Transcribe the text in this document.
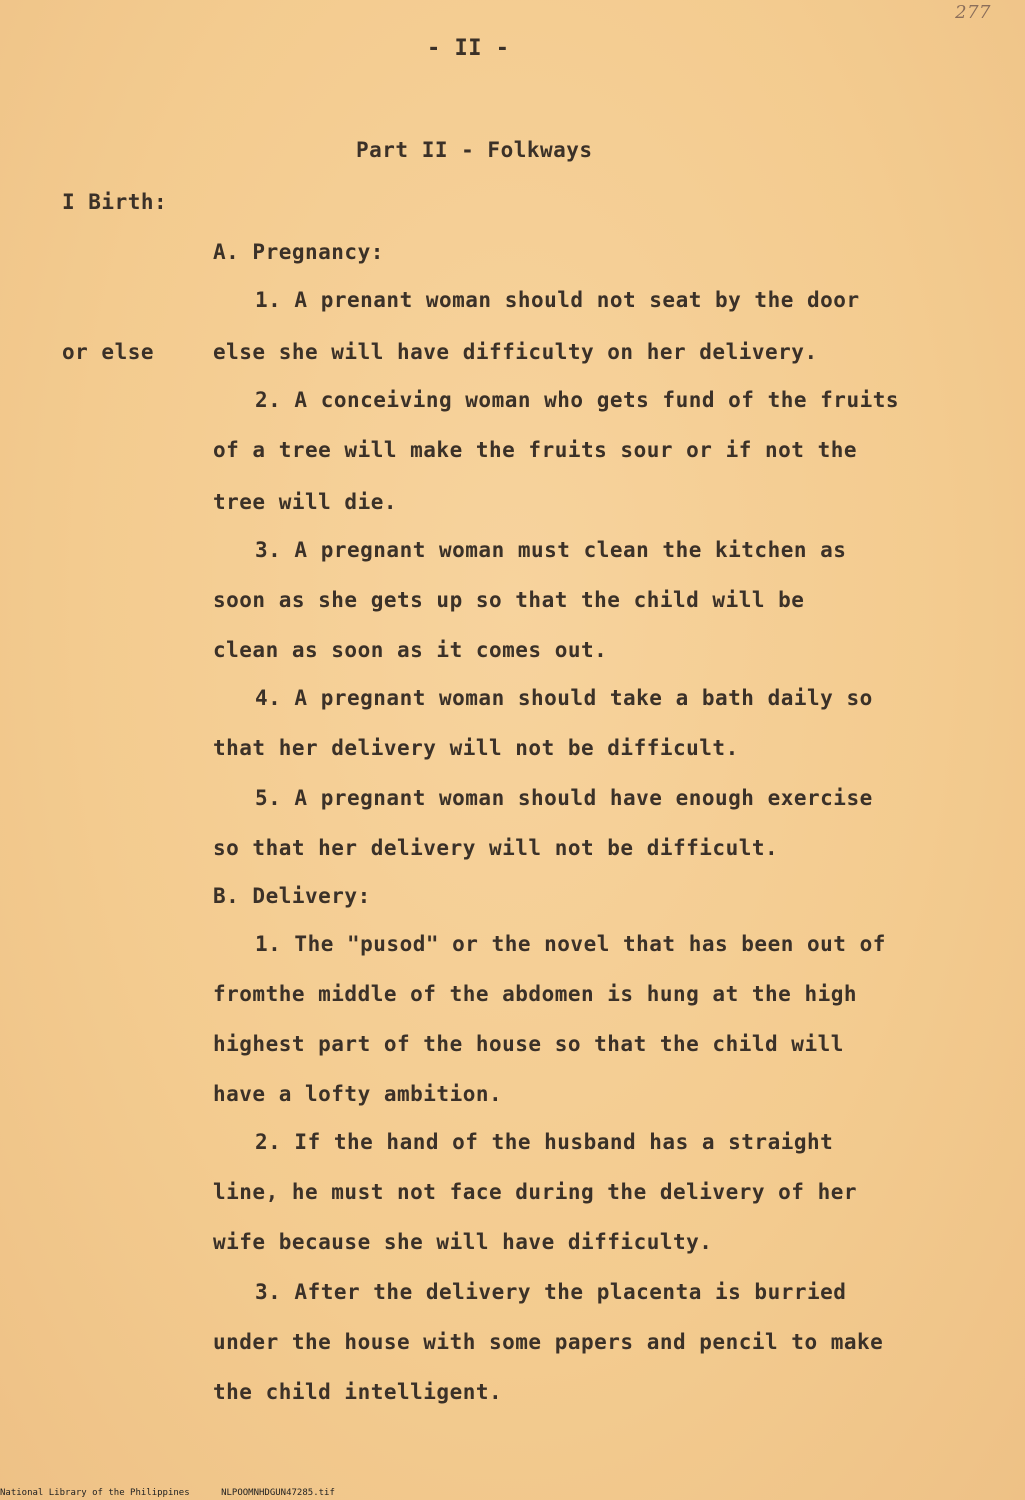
- II -
277
Part II - Folkways
I Birth:
A. Pregnancy:
1. A prenant woman should not seat by the door
or else	else she will have difficulty on her delivery.
2. A conceiving woman who gets fund of the fruits
of a tree will make the fruits sour or if not the
tree will die.
3. A pregnant woman must clean the kitchen as
soon as she gets up so that the child will be
clean as soon as it comes out.
4. A pregnant woman should take a bath daily so
that her delivery will not be difficult.
5. A pregnant woman should have enough exercise
so that her delivery will not be difficult.
B. Delivery:
1. The "pusod" or the novel that has been out of
fromthe middle of the abdomen is hung at the high
highest part of the house so that the child will
have a lofty ambition.
2. If the hand of the husband has a straight
line, he must not face during the delivery of her
wife because she will have difficulty.
3. After the delivery the placenta is burried
under the house with some papers and pencil to make
the child intelligent.
National Library of the Philippines	NLPOOMNHDGUN47285.tif
